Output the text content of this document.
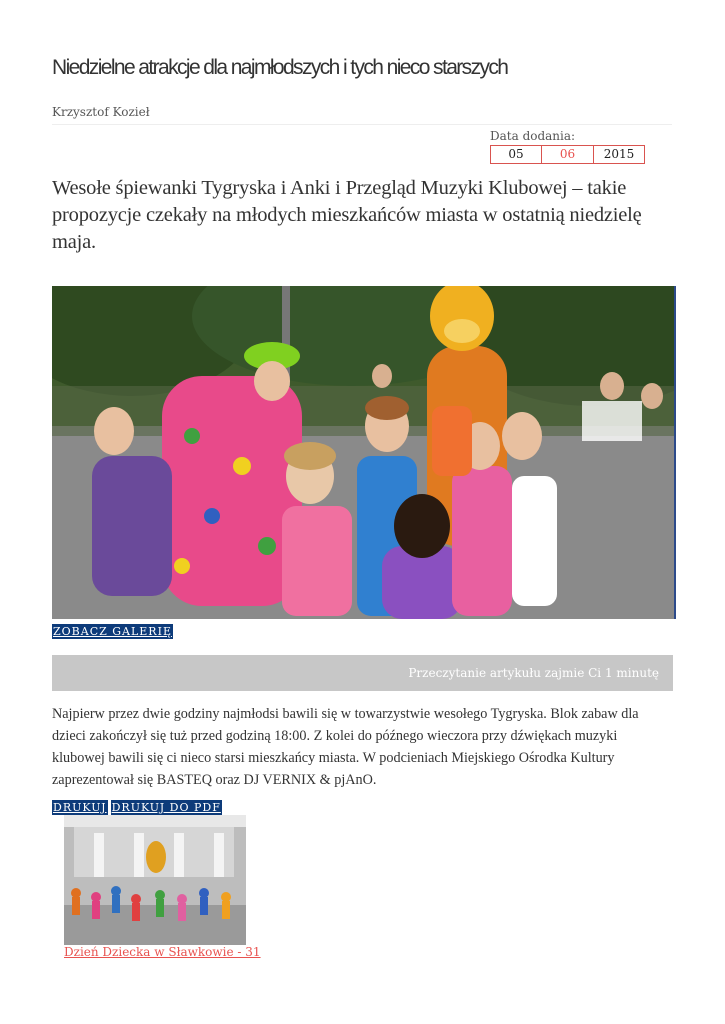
Niedzielne atrakcje dla najmłodszych i tych nieco starszych
Krzysztof Kozieł
Data dodania:
05	06	2015
Wesołe śpiewanki Tygryska i Anki i Przegląd Muzyki Klubowej – takie propozycje czekały na młodych mieszkańców miasta w ostatnią niedzielę maja.
ZOBACZ GALERIĘ
Przeczytanie artykułu zajmie Ci 1 minutę

Najpierw przez dwie godziny najmłodsi bawili się w towarzystwie wesołego Tygryska. Blok zabaw dla dzieci zakończył się tuż przed godziną 18:00. Z kolei do późnego wieczora przy dźwiękach muzyki klubowej bawili się ci nieco starsi mieszkańcy miasta. W podcieniach Miejskiego Ośrodka Kultury zaprezentował się BASTEQ oraz DJ VERNIX & pjAnO.

DRUKUJ DRUKUJ DO PDF
Dzień Dziecka w Sławkowie - 31
